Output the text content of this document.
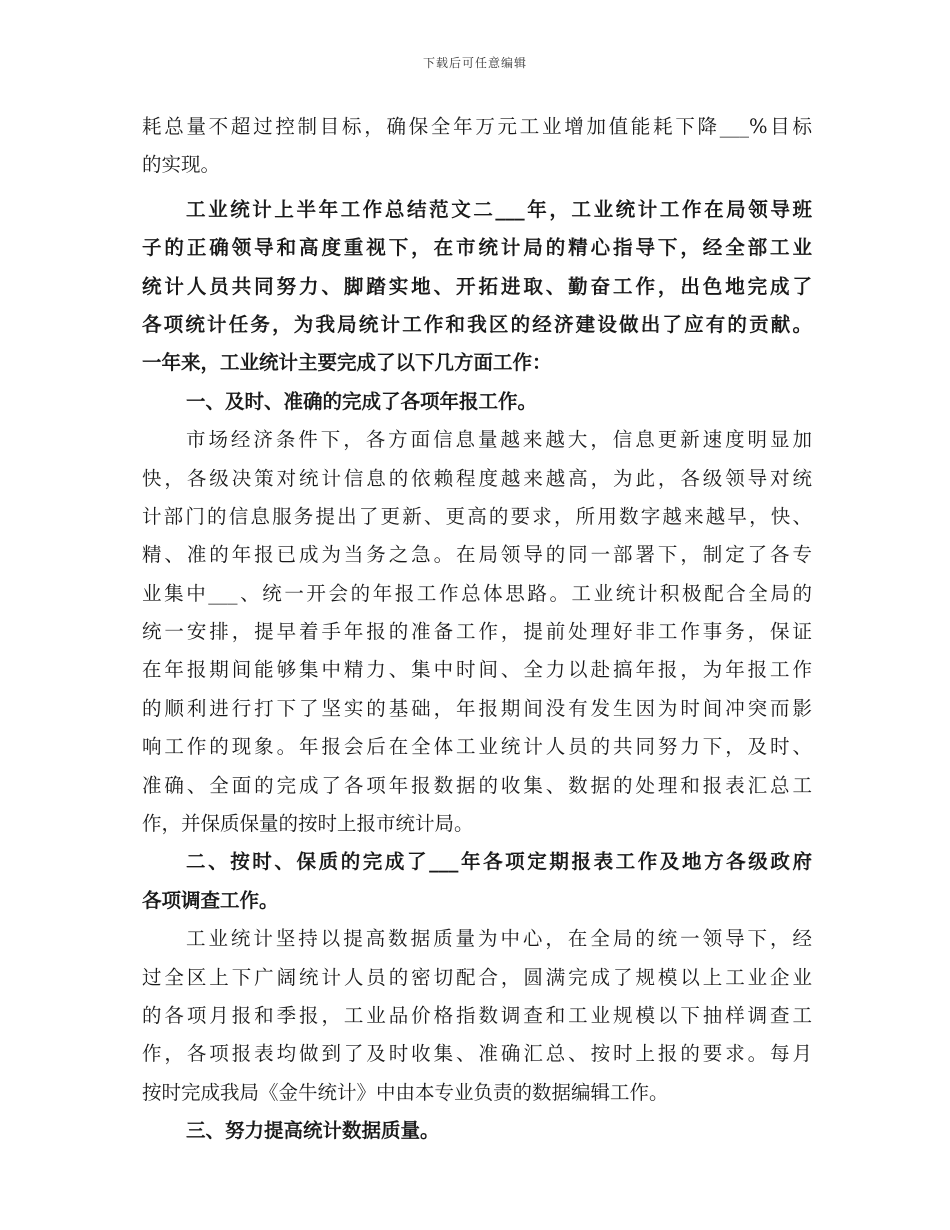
下载后可任意编辑
耗总量不超过控制目标，确保全年万元工业增加值能耗下降___%目标
的实现。
工业统计上半年工作总结范文二___年，工业统计工作在局领导班
子的正确领导和高度重视下，在市统计局的精心指导下，经全部工业
统计人员共同努力、脚踏实地、开拓进取、勤奋工作，出色地完成了
各项统计任务，为我局统计工作和我区的经济建设做出了应有的贡献。
一年来，工业统计主要完成了以下几方面工作：
一、及时、准确的完成了各项年报工作。
市场经济条件下，各方面信息量越来越大，信息更新速度明显加
快，各级决策对统计信息的依赖程度越来越高，为此，各级领导对统
计部门的信息服务提出了更新、更高的要求，所用数字越来越早，快、
精、准的年报已成为当务之急。在局领导的同一部署下，制定了各专
业集中___、统一开会的年报工作总体思路。工业统计积极配合全局的
统一安排，提早着手年报的准备工作，提前处理好非工作事务，保证
在年报期间能够集中精力、集中时间、全力以赴搞年报，为年报工作
的顺利进行打下了坚实的基础，年报期间没有发生因为时间冲突而影
响工作的现象。年报会后在全体工业统计人员的共同努力下，及时、
准确、全面的完成了各项年报数据的收集、数据的处理和报表汇总工
作，并保质保量的按时上报市统计局。
二、按时、保质的完成了___年各项定期报表工作及地方各级政府
各项调查工作。
工业统计坚持以提高数据质量为中心，在全局的统一领导下，经
过全区上下广阔统计人员的密切配合，圆满完成了规模以上工业企业
的各项月报和季报，工业品价格指数调查和工业规模以下抽样调查工
作，各项报表均做到了及时收集、准确汇总、按时上报的要求。每月
按时完成我局《金牛统计》中由本专业负责的数据编辑工作。
三、努力提高统计数据质量。
